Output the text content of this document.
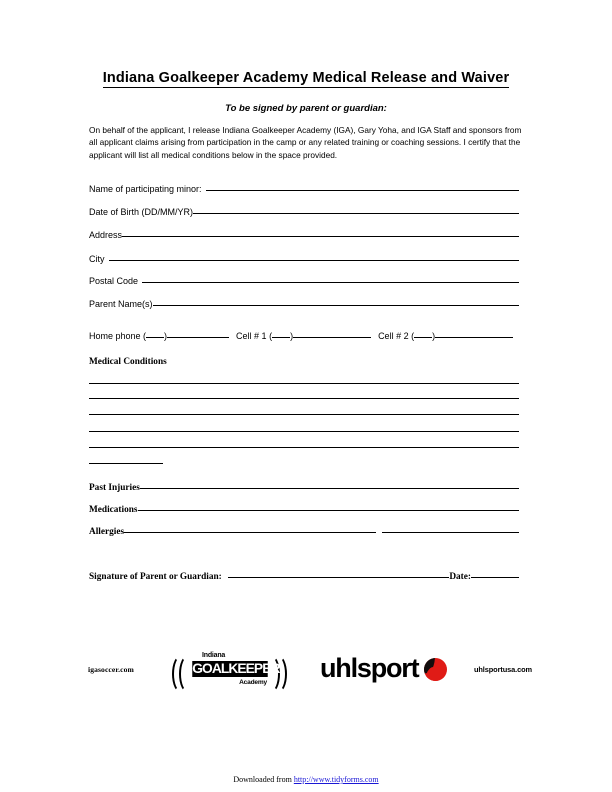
Indiana Goalkeeper Academy Medical Release and Waiver
To be signed by parent or guardian:
On behalf of the applicant, I release Indiana Goalkeeper Academy (IGA), Gary Yoha, and IGA Staff and sponsors from all applicant claims arising from participation in the camp or any related training or coaching sessions. I certify that the applicant will list all medical conditions below in the space provided.
Name of participating minor:
Date of Birth (DD/MM/YR)
Address
City
Postal Code
Parent Name(s)
Home phone ( )	Cell # 1 ( )	Cell # 2 ( )
Medical Conditions
Past Injuries
Medications
Allergies
Signature of Parent or Guardian:	Date:
igasoccer.com
Indiana
GOALKEEPER
Academy uhlsport	uhlsportusa.com
Downloaded from http://www.tidyforms.com
